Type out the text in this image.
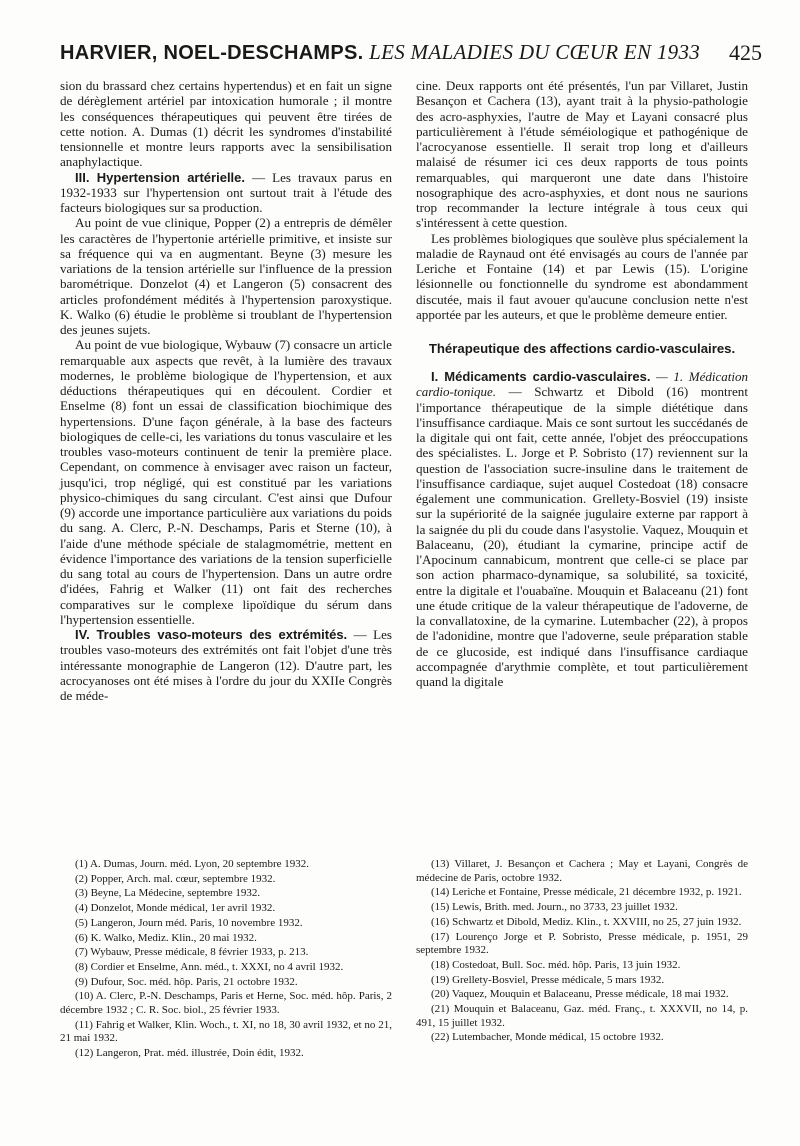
HARVIER, NOEL-DESCHAMPS. LES MALADIES DU CŒUR EN 1933 425

sion du brassard chez certains hypertendus) et en fait un signe de dérèglement artériel par intoxication humorale ; il montre les conséquences thérapeutiques qui peuvent être tirées de cette notion. A. Dumas (1) décrit les syndromes d'instabilité tensionnelle et montre leurs rapports avec la sensibilisation anaphylactique.

III. Hypertension artérielle. — Les travaux parus en 1932-1933 sur l'hypertension ont surtout trait à l'étude des facteurs biologiques sur sa production.

Au point de vue clinique, Popper (2) a entrepris de démêler les caractères de l'hypertonie artérielle primitive, et insiste sur sa fréquence qui va en augmentant. Beyne (3) mesure les variations de la tension artérielle sur l'influence de la pression barométrique. Donzelot (4) et Langeron (5) consacrent des articles profondément médités à l'hypertension paroxystique. K. Walko (6) étudie le problème si troublant de l'hypertension des jeunes sujets.

Au point de vue biologique, Wybauw (7) consacre un article remarquable aux aspects que revêt, à la lumière des travaux modernes, le problème biologique de l'hypertension, et aux déductions thérapeutiques qui en découlent. Cordier et Enselme (8) font un essai de classification biochimique des hypertensions. D'une façon générale, à la base des facteurs biologiques de celle-ci, les variations du tonus vasculaire et les troubles vaso-moteurs continuent de tenir la première place. Cependant, on commence à envisager avec raison un facteur, jusqu'ici, trop négligé, qui est constitué par les variations physico-chimiques du sang circulant. C'est ainsi que Dufour (9) accorde une importance particulière aux variations du poids du sang. A. Clerc, P.-N. Deschamps, Paris et Sterne (10), à l'aide d'une méthode spéciale de stalagmométrie, mettent en évidence l'importance des variations de la tension superficielle du sang total au cours de l'hypertension. Dans un autre ordre d'idées, Fahrig et Walker (11) ont fait des recherches comparatives sur le complexe lipoïdique du sérum dans l'hypertension essentielle.

IV. Troubles vaso-moteurs des extrémités. — Les troubles vaso-moteurs des extrémités ont fait l'objet d'une très intéressante monographie de Langeron (12). D'autre part, les acrocyanoses ont été mises à l'ordre du jour du XXIIe Congrès de méde-

cine. Deux rapports ont été présentés, l'un par Villaret, Justin Besançon et Cachera (13), ayant trait à la physio-pathologie des acro-asphyxies, l'autre de May et Layani consacré plus particulièrement à l'étude séméiologique et pathogénique de l'acrocyanose essentielle. Il serait trop long et d'ailleurs malaisé de résumer ici ces deux rapports de tous points remarquables, qui marqueront une date dans l'histoire nosographique des acro-asphyxies, et dont nous ne saurions trop recommander la lecture intégrale à tous ceux qui s'intéressent à cette question.

Les problèmes biologiques que soulève plus spécialement la maladie de Raynaud ont été envisagés au cours de l'année par Leriche et Fontaine (14) et par Lewis (15). L'origine lésionnelle ou fonctionnelle du syndrome est abondamment discutée, mais il faut avouer qu'aucune conclusion nette n'est apportée par les auteurs, et que le problème demeure entier.

Thérapeutique des affections cardio-vasculaires.

I. Médicaments cardio-vasculaires. — 1. Médication cardio-tonique. — Schwartz et Dibold (16) montrent l'importance thérapeutique de la simple diététique dans l'insuffisance cardiaque. Mais ce sont surtout les succédanés de la digitale qui ont fait, cette année, l'objet des préoccupations des spécialistes. L. Jorge et P. Sobristo (17) reviennent sur la question de l'association sucre-insuline dans le traitement de l'insuffisance cardiaque, sujet auquel Costedoat (18) consacre également une communication. Grellety-Bosviel (19) insiste sur la supériorité de la saignée jugulaire externe par rapport à la saignée du pli du coude dans l'asystolie. Vaquez, Mouquin et Balaceanu, (20), étudiant la cymarine, principe actif de l'Apocinum cannabicum, montrent que celle-ci se place par son action pharmaco-dynamique, sa solubilité, sa toxicité, entre la digitale et l'ouabaïne. Mouquin et Balaceanu (21) font une étude critique de la valeur thérapeutique de l'adoverne, de la convallatoxine, de la cymarine. Lutembacher (22), à propos de l'adonidine, montre que l'adoverne, seule préparation stable de ce glucoside, est indiqué dans l'insuffisance cardiaque accompagnée d'arythmie complète, et tout particulièrement quand la digitale

(1) A. Dumas, Journ. méd. Lyon, 20 septembre 1932.

(2) Popper, Arch. mal. cœur, septembre 1932.

(3) Beyne, La Médecine, septembre 1932.

(4) Donzelot, Monde médical, 1er avril 1932.

(5) Langeron, Journ méd. Paris, 10 novembre 1932.

(6) K. Walko, Mediz. Klin., 20 mai 1932.

(7) Wybauw, Presse médicale, 8 février 1933, p. 213.

(8) Cordier et Enselme, Ann. méd., t. XXXI, no 4 avril 1932.

(9) Dufour, Soc. méd. hôp. Paris, 21 octobre 1932.

(10) A. Clerc, P.-N. Deschamps, Paris et Herne, Soc. méd. hôp. Paris, 2 décembre 1932 ; C. R. Soc. biol., 25 février 1933.

(11) Fahrig et Walker, Klin. Woch., t. XI, no 18, 30 avril 1932, et no 21, 21 mai 1932.

(12) Langeron, Prat. méd. illustrée, Doin édit, 1932.

(13) Villaret, J. Besançon et Cachera ; May et Layani, Congrès de médecine de Paris, octobre 1932.

(14) Leriche et Fontaine, Presse médicale, 21 décembre 1932, p. 1921.

(15) Lewis, Brith. med. Journ., no 3733, 23 juillet 1932.

(16) Schwartz et Dibold, Mediz. Klin., t. XXVIII, no 25, 27 juin 1932.

(17) Lourenço Jorge et P. Sobristo, Presse médicale, p. 1951, 29 septembre 1932.

(18) Costedoat, Bull. Soc. méd. hôp. Paris, 13 juin 1932.

(19) Grellety-Bosviel, Presse médicale, 5 mars 1932.

(20) Vaquez, Mouquin et Balaceanu, Presse médicale, 18 mai 1932.

(21) Mouquin et Balaceanu, Gaz. méd. Franç., t. XXXVII, no 14, p. 491, 15 juillet 1932.

(22) Lutembacher, Monde médical, 15 octobre 1932.
